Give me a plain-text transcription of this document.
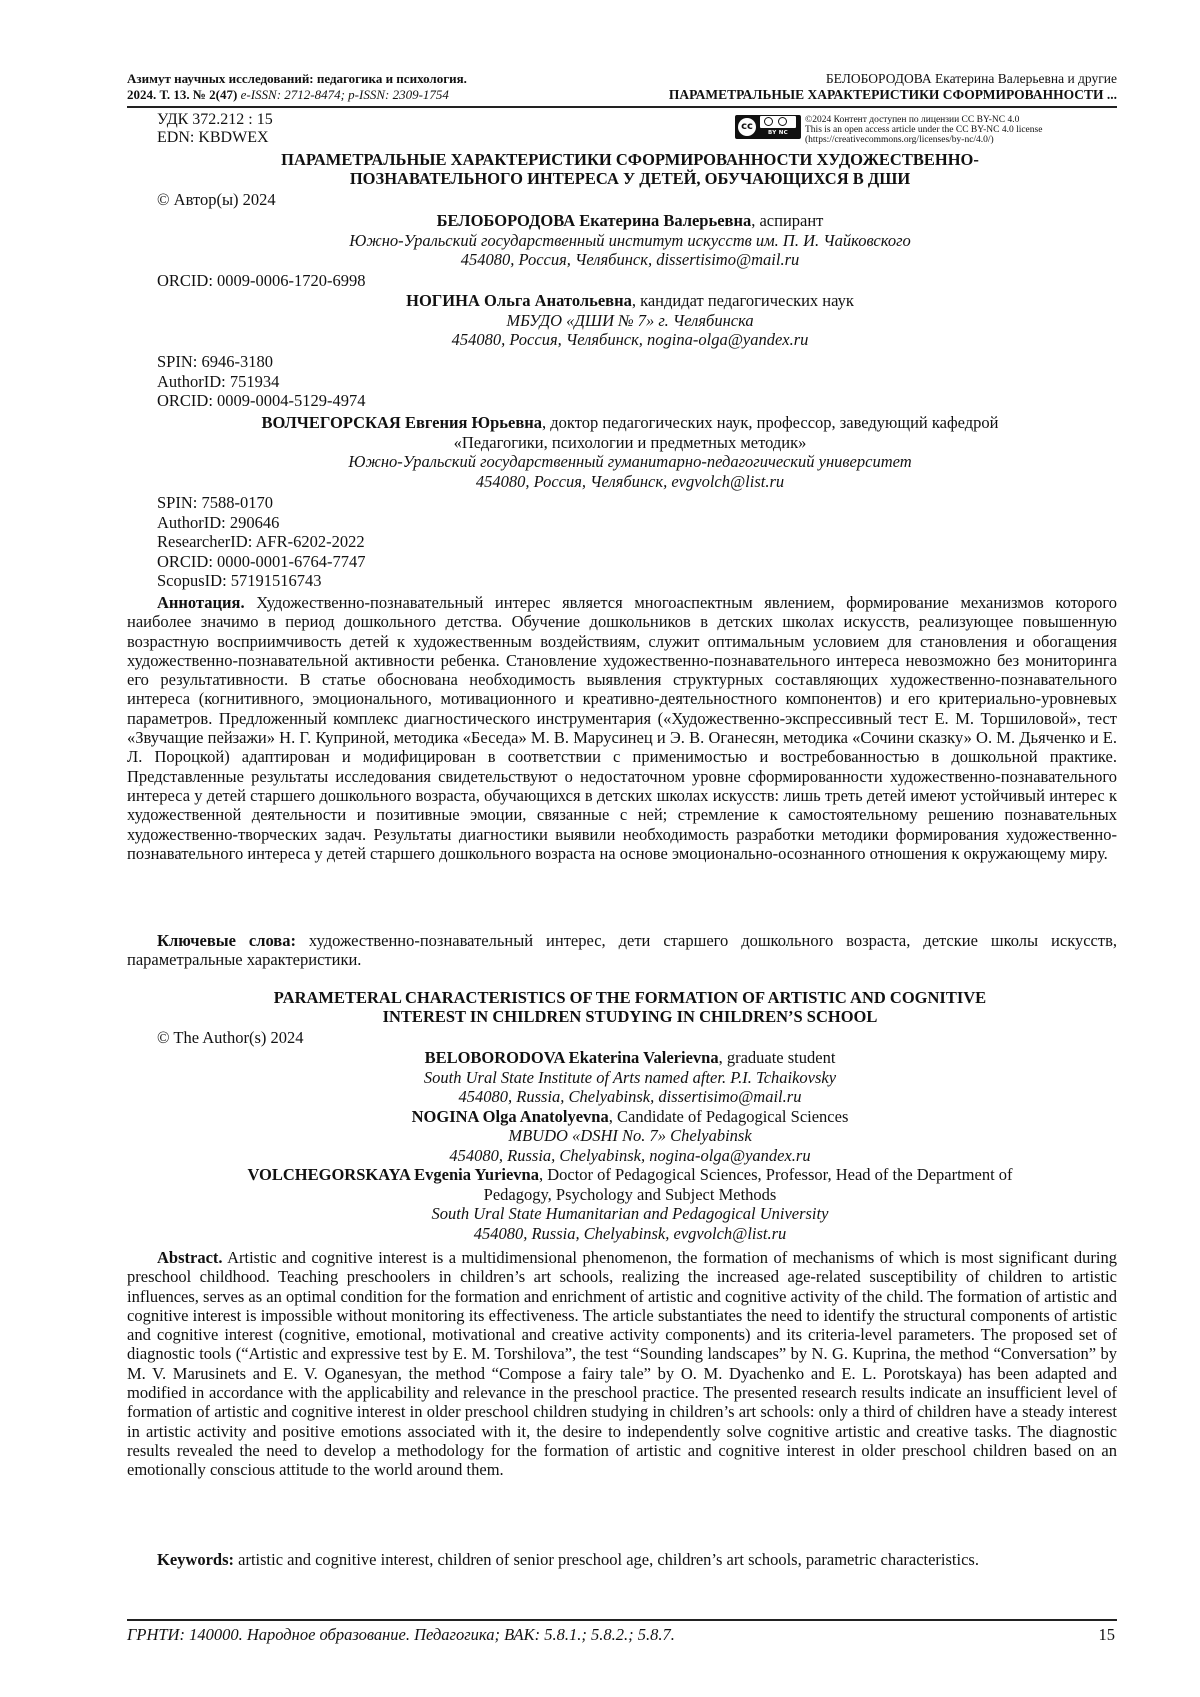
Азимут научных исследований: педагогика и психология.
2024. Т. 13. № 2(47) e-ISSN: 2712-8474; p-ISSN: 2309-1754
БЕЛОБОРОДОВА Екатерина Валерьевна и другие
ПАРАМЕТРАЛЬНЫЕ ХАРАКТЕРИСТИКИ СФОРМИРОВАННОСТИ ...
УДК 372.212 : 15
EDN: KBDWEX
cc
BY NC
©2024 Контент доступен по лицензии CC BY-NC 4.0
This is an open access article under the CC BY-NC 4.0 license
(https://creativecommons.org/licenses/by-nc/4.0/)
ПАРАМЕТРАЛЬНЫЕ ХАРАКТЕРИСТИКИ СФОРМИРОВАННОСТИ ХУДОЖЕСТВЕННО-
ПОЗНАВАТЕЛЬНОГО ИНТЕРЕСА У ДЕТЕЙ, ОБУЧАЮЩИХСЯ В ДШИ
© Автор(ы) 2024
БЕЛОБОРОДОВА Екатерина Валерьевна, аспирант
Южно-Уральский государственный институт искусств им. П. И. Чайковского
454080, Россия, Челябинск, dissertisimo@mail.ru
ORCID: 0009-0006-1720-6998
НОГИНА Ольга Анатольевна, кандидат педагогических наук
МБУДО «ДШИ № 7» г. Челябинска
454080, Россия, Челябинск, nogina-olga@yandex.ru
SPIN: 6946-3180
AuthorID: 751934
ORCID: 0009-0004-5129-4974
ВОЛЧЕГОРСКАЯ Евгения Юрьевна, доктор педагогических наук, профессор, заведующий кафедрой
«Педагогики, психологии и предметных методик»
Южно-Уральский государственный гуманитарно-педагогический университет
454080, Россия, Челябинск, evgvolch@list.ru
SPIN: 7588-0170
AuthorID: 290646
ResearcherID: AFR-6202-2022
ORCID: 0000-0001-6764-7747
ScopusID: 57191516743
Аннотация. Художественно-познавательный интерес является многоаспектным явлением, формирование механизмов которого наиболее значимо в период дошкольного детства. Обучение дошкольников в детских школах искусств, реализующее повышенную возрастную восприимчивость детей к художественным воздействиям, служит оптимальным условием для становления и обогащения художественно-познавательной активности ребенка. Становление художественно-познавательного интереса невозможно без мониторинга его результативности. В статье обоснована необходимость выявления структурных составляющих художественно-познавательного интереса (когнитивного, эмоционального, мотивационного и креативно-деятельностного компонентов) и его критериально-уровневых параметров. Предложенный комплекс диагностического инструментария («Художественно-экспрессивный тест Е. М. Торшиловой», тест «Звучащие пейзажи» Н. Г. Куприной, методика «Беседа» М. В. Марусинец и Э. В. Оганесян, методика «Сочини сказку» О. М. Дьяченко и Е. Л. Пороцкой) адаптирован и модифицирован в соответствии с применимостью и востребованностью в дошкольной практике. Представленные результаты исследования свидетельствуют о недостаточном уровне сформированности художественно-познавательного интереса у детей старшего дошкольного возраста, обучающихся в детских школах искусств: лишь треть детей имеют устойчивый интерес к художественной деятельности и позитивные эмоции, связанные с ней; стремление к самостоятельному решению познавательных художественно-творческих задач. Результаты диагностики выявили необходимость разработки методики формирования художественно-познавательного интереса у детей старшего дошкольного возраста на основе эмоционально-осознанного отношения к окружающему миру.
Ключевые слова: художественно-познавательный интерес, дети старшего дошкольного возраста, детские школы искусств, параметральные характеристики.
PARAMETERAL CHARACTERISTICS OF THE FORMATION OF ARTISTIC AND COGNITIVE
INTEREST IN CHILDREN STUDYING IN CHILDREN’S SCHOOL
© The Author(s) 2024
BELOBORODOVA Ekaterina Valerievna, graduate student
South Ural State Institute of Arts named after. P.I. Tchaikovsky
454080, Russia, Chelyabinsk, dissertisimo@mail.ru
NOGINA Olga Anatolyevna, Candidate of Pedagogical Sciences
MBUDO «DSHI No. 7» Chelyabinsk
454080, Russia, Chelyabinsk, nogina-olga@yandex.ru
VOLCHEGORSKAYA Evgenia Yurievna, Doctor of Pedagogical Sciences, Professor, Head of the Department of
Pedagogy, Psychology and Subject Methods
South Ural State Humanitarian and Pedagogical University
454080, Russia, Chelyabinsk, evgvolch@list.ru
Abstract. Artistic and cognitive interest is a multidimensional phenomenon, the formation of mechanisms of which is most significant during preschool childhood. Teaching preschoolers in children’s art schools, realizing the increased age-related susceptibility of children to artistic influences, serves as an optimal condition for the formation and enrichment of artistic and cognitive activity of the child. The formation of artistic and cognitive interest is impossible without monitoring its effectiveness. The article substantiates the need to identify the structural components of artistic and cognitive interest (cognitive, emotional, motivational and creative activity components) and its criteria-level parameters. The proposed set of diagnostic tools (“Artistic and expressive test by E. M. Torshilova”, the test “Sounding landscapes” by N. G. Kuprina, the method “Conversation” by M. V. Marusinets and E. V. Oganesyan, the method “Compose a fairy tale” by O. M. Dyachenko and E. L. Porotskaya) has been adapted and modified in accordance with the applicability and relevance in the preschool practice. The presented research results indicate an insufficient level of formation of artistic and cognitive interest in older preschool children studying in children’s art schools: only a third of children have a steady interest in artistic activity and positive emotions associated with it, the desire to independently solve cognitive artistic and creative tasks. The diagnostic results revealed the need to develop a methodology for the formation of artistic and cognitive interest in older preschool children based on an emotionally conscious attitude to the world around them.
Keywords: artistic and cognitive interest, children of senior preschool age, children’s art schools, parametric characteristics.
ГРНТИ: 140000. Народное образование. Педагогика; ВАК: 5.8.1.; 5.8.2.; 5.8.7.	15
